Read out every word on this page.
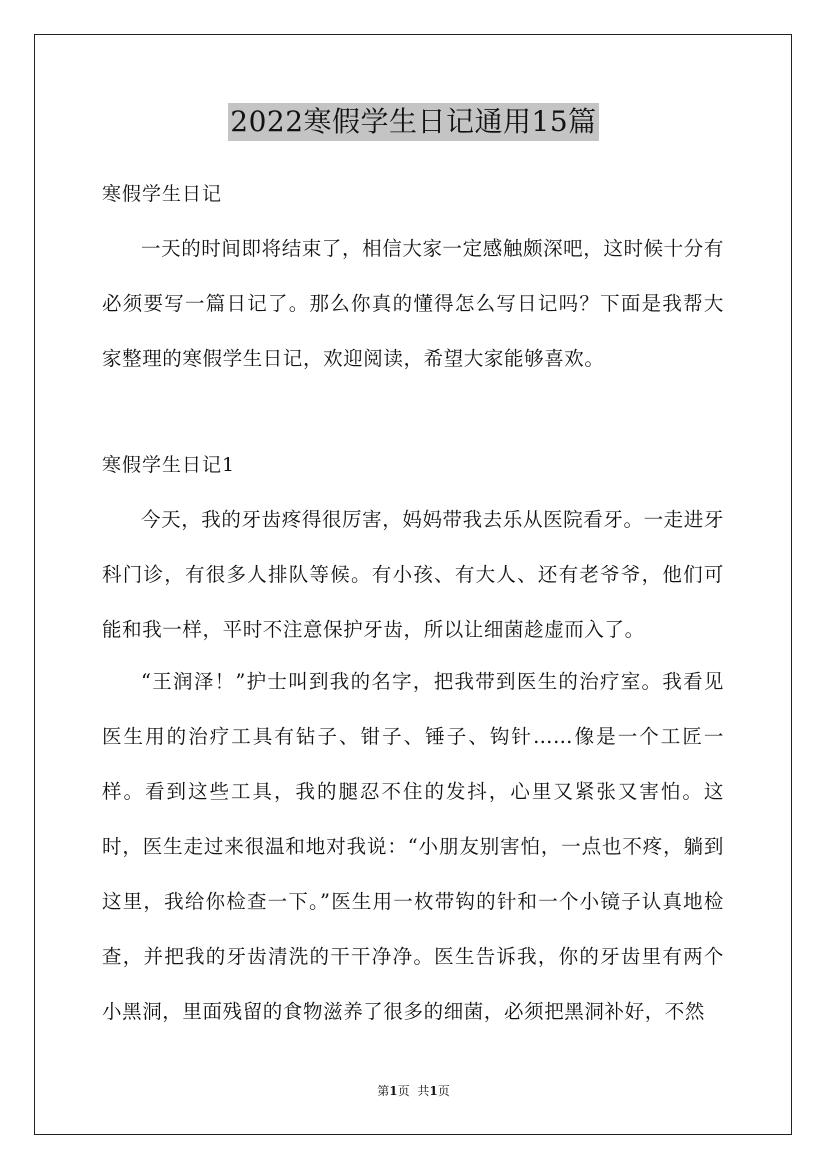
2022寒假学生日记通用15篇
寒假学生日记

一天的时间即将结束了，相信大家一定感触颇深吧，这时候十分有必须要写一篇日记了。那么你真的懂得怎么写日记吗？下面是我帮大家整理的寒假学生日记，欢迎阅读，希望大家能够喜欢。

寒假学生日记1

今天，我的牙齿疼得很厉害，妈妈带我去乐从医院看牙。一走进牙科门诊，有很多人排队等候。有小孩、有大人、还有老爷爷，他们可能和我一样，平时不注意保护牙齿，所以让细菌趁虚而入了。

“王润泽！”护士叫到我的名字，把我带到医生的治疗室。我看见医生用的治疗工具有钻子、钳子、锤子、钩针……像是一个工匠一样。看到这些工具，我的腿忍不住的发抖，心里又紧张又害怕。这时，医生走过来很温和地对我说：“小朋友别害怕，一点也不疼，躺到这里，我给你检查一下。”医生用一枚带钩的针和一个小镜子认真地检查，并把我的牙齿清洗的干干净净。医生告诉我，你的牙齿里有两个小黑洞，里面残留的食物滋养了很多的细菌，必须把黑洞补好，不然

第1页 共1页
